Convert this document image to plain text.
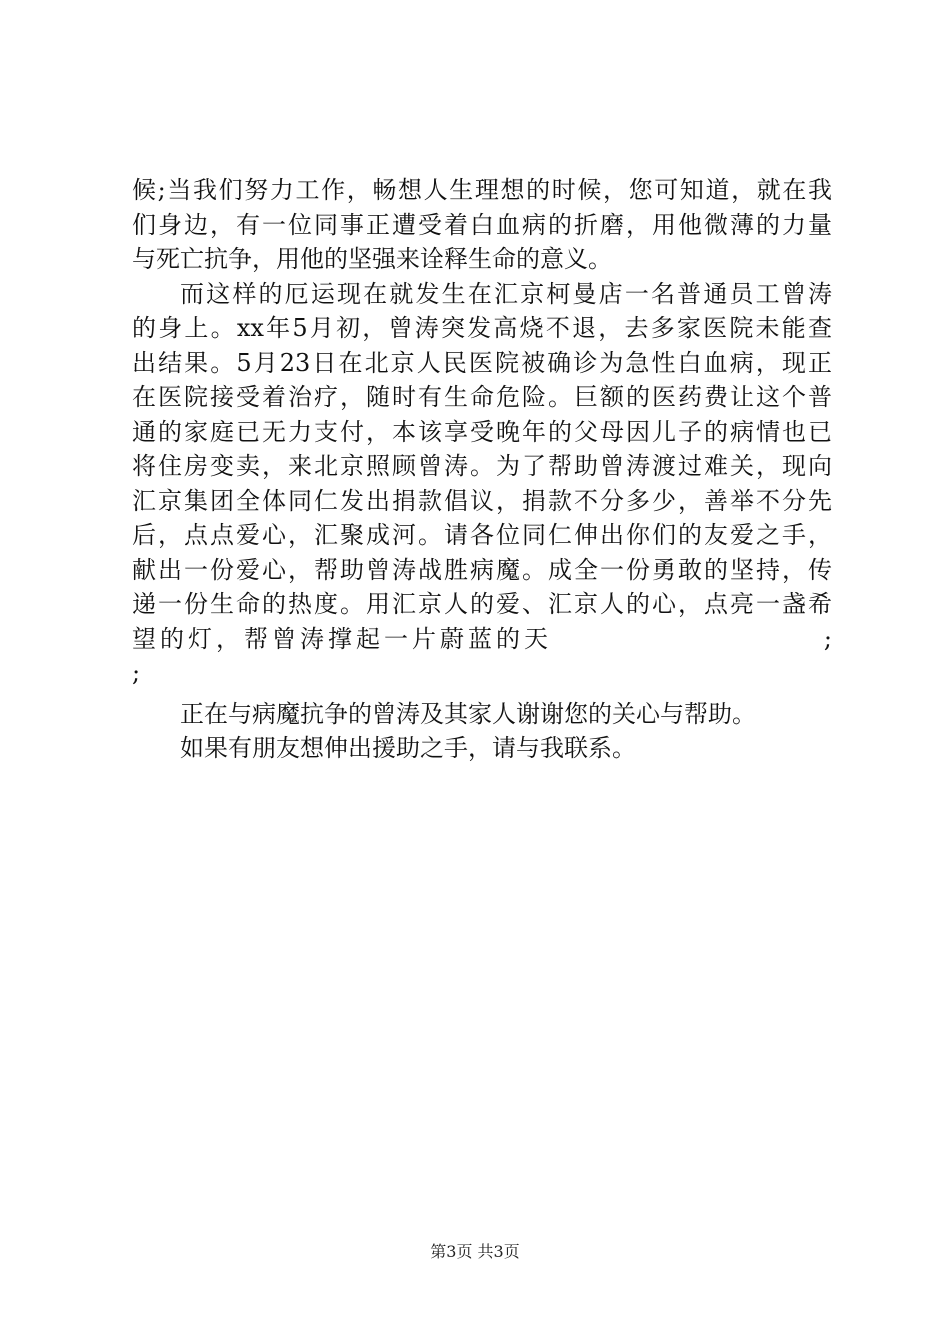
候;当我们努力工作，畅想人生理想的时候，您可知道，就在我
们身边，有一位同事正遭受着白血病的折磨，用他微薄的力量
与死亡抗争，用他的坚强来诠释生命的意义。
而这样的厄运现在就发生在汇京柯曼店一名普通员工曾涛
的身上。xx年5月初，曾涛突发高烧不退，去多家医院未能查
出结果。5月23日在北京人民医院被确诊为急性白血病，现正
在医院接受着治疗，随时有生命危险。巨额的医药费让这个普
通的家庭已无力支付，本该享受晚年的父母因儿子的病情也已
将住房变卖，来北京照顾曾涛。为了帮助曾涛渡过难关，现向
汇京集团全体同仁发出捐款倡议，捐款不分多少，善举不分先
后，点点爱心，汇聚成河。请各位同仁伸出你们的友爱之手，
献出一份爱心，帮助曾涛战胜病魔。成全一份勇敢的坚持，传
递一份生命的热度。用汇京人的爱、汇京人的心，点亮一盏希
望的灯，帮曾涛撑起一片蔚蓝的天	;
;
正在与病魔抗争的曾涛及其家人谢谢您的关心与帮助。
如果有朋友想伸出援助之手，请与我联系。
第3页 共3页
